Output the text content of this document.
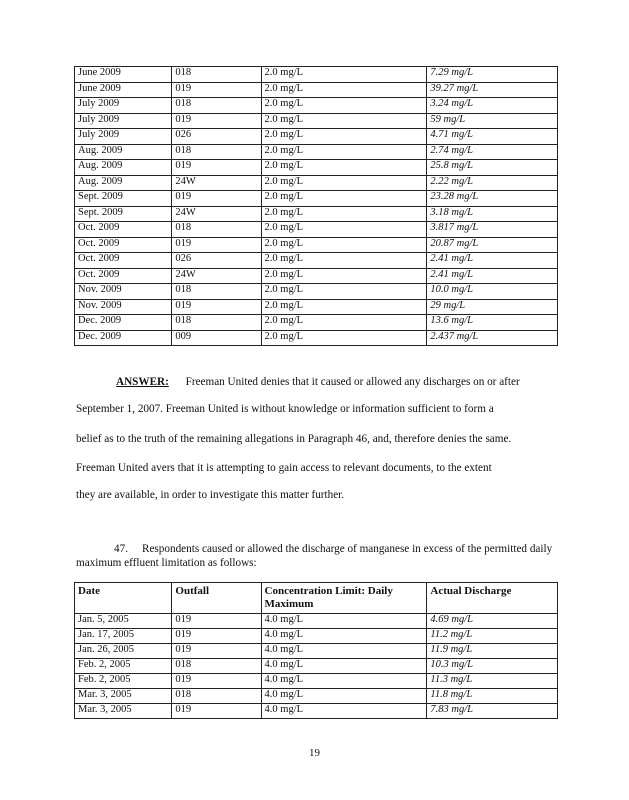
June 2009	018	2.0 mg/L	7.29 mg/L
June 2009	019	2.0 mg/L	39.27 mg/L
July 2009	018	2.0 mg/L	3.24 mg/L
July 2009	019	2.0 mg/L	59 mg/L
July 2009	026	2.0 mg/L	4.71 mg/L
Aug. 2009	018	2.0 mg/L	2.74 mg/L
Aug. 2009	019	2.0 mg/L	25.8 mg/L
Aug. 2009	24W	2.0 mg/L	2.22 mg/L
Sept. 2009	019	2.0 mg/L	23.28 mg/L
Sept. 2009	24W	2.0 mg/L	3.18 mg/L
Oct. 2009	018	2.0 mg/L	3.817 mg/L
Oct. 2009	019	2.0 mg/L	20.87 mg/L
Oct. 2009	026	2.0 mg/L	2.41 mg/L
Oct. 2009	24W	2.0 mg/L	2.41 mg/L
Nov. 2009	018	2.0 mg/L	10.0 mg/L
Nov. 2009	019	2.0 mg/L	29 mg/L
Dec. 2009	018	2.0 mg/L	13.6 mg/L
Dec. 2009	009	2.0 mg/L	2.437 mg/L
ANSWER: Freeman United denies that it caused or allowed any discharges on or after
September 1, 2007. Freeman United is without knowledge or information sufficient to form a
belief as to the truth of the remaining allegations in Paragraph 46, and, therefore denies the same.
Freeman United avers that it is attempting to gain access to relevant documents, to the extent
they are available, in order to investigate this matter further.
47. Respondents caused or allowed the discharge of manganese in excess of the permitted daily maximum effluent limitation as follows:
Date	Outfall	Concentration Limit: Daily Maximum	Actual Discharge
Jan. 5, 2005	019	4.0 mg/L	4.69 mg/L
Jan. 17, 2005	019	4.0 mg/L	11.2 mg/L
Jan. 26, 2005	019	4.0 mg/L	11.9 mg/L
Feb. 2, 2005	018	4.0 mg/L	10.3 mg/L
Feb. 2, 2005	019	4.0 mg/L	11.3 mg/L
Mar. 3, 2005	018	4.0 mg/L	11.8 mg/L
Mar. 3, 2005	019	4.0 mg/L	7.83 mg/L
19
